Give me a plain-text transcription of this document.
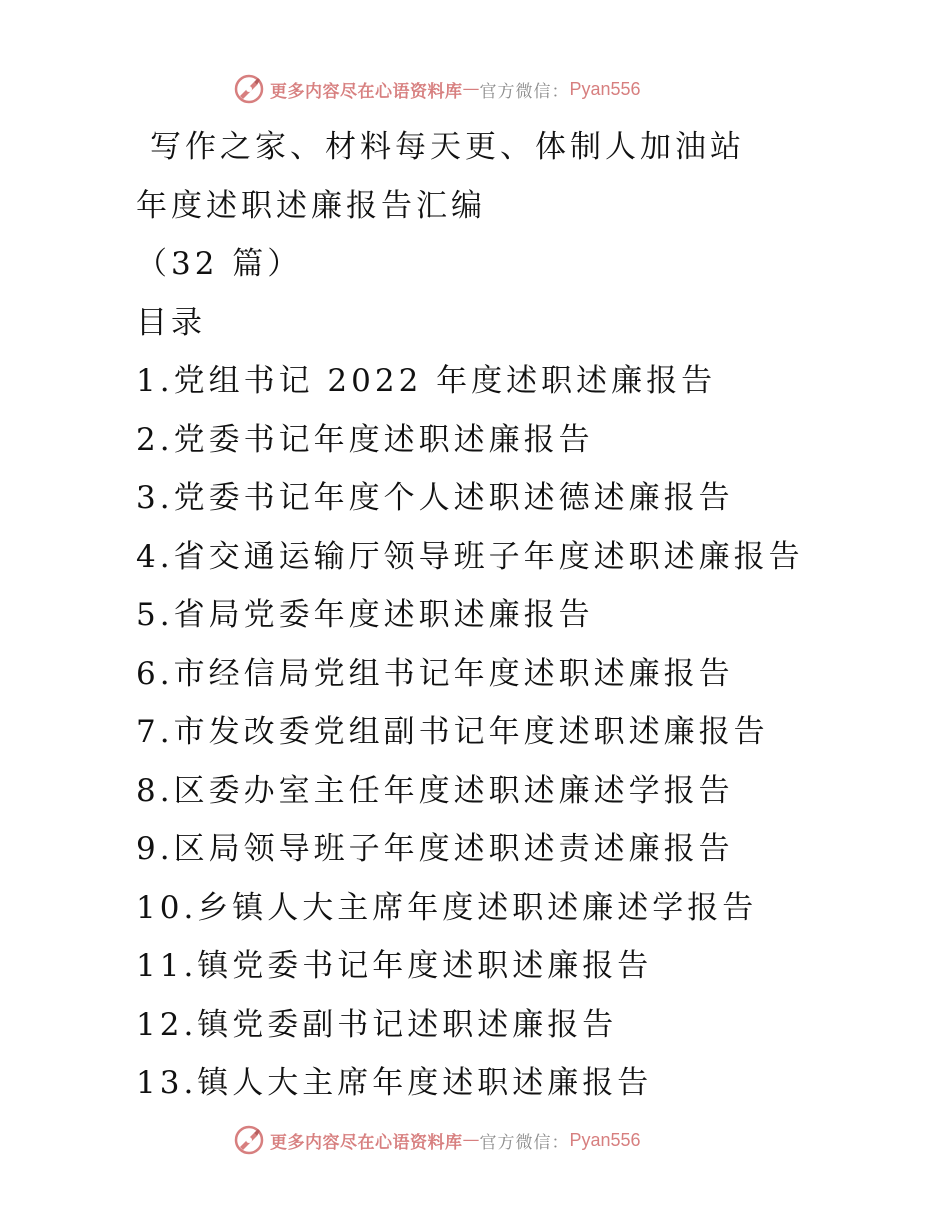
更多内容尽在心语资料库 — 官方微信： Pyan556
写作之家、材料每天更、体制人加油站
年度述职述廉报告汇编
（32 篇）
目录
1.党组书记 2022 年度述职述廉报告
2.党委书记年度述职述廉报告
3.党委书记年度个人述职述德述廉报告
4.省交通运输厅领导班子年度述职述廉报告
5.省局党委年度述职述廉报告
6.市经信局党组书记年度述职述廉报告
7.市发改委党组副书记年度述职述廉报告
8.区委办室主任年度述职述廉述学报告
9.区局领导班子年度述职述责述廉报告
10.乡镇人大主席年度述职述廉述学报告
11.镇党委书记年度述职述廉报告
12.镇党委副书记述职述廉报告
13.镇人大主席年度述职述廉报告
更多内容尽在心语资料库 — 官方微信： Pyan556
